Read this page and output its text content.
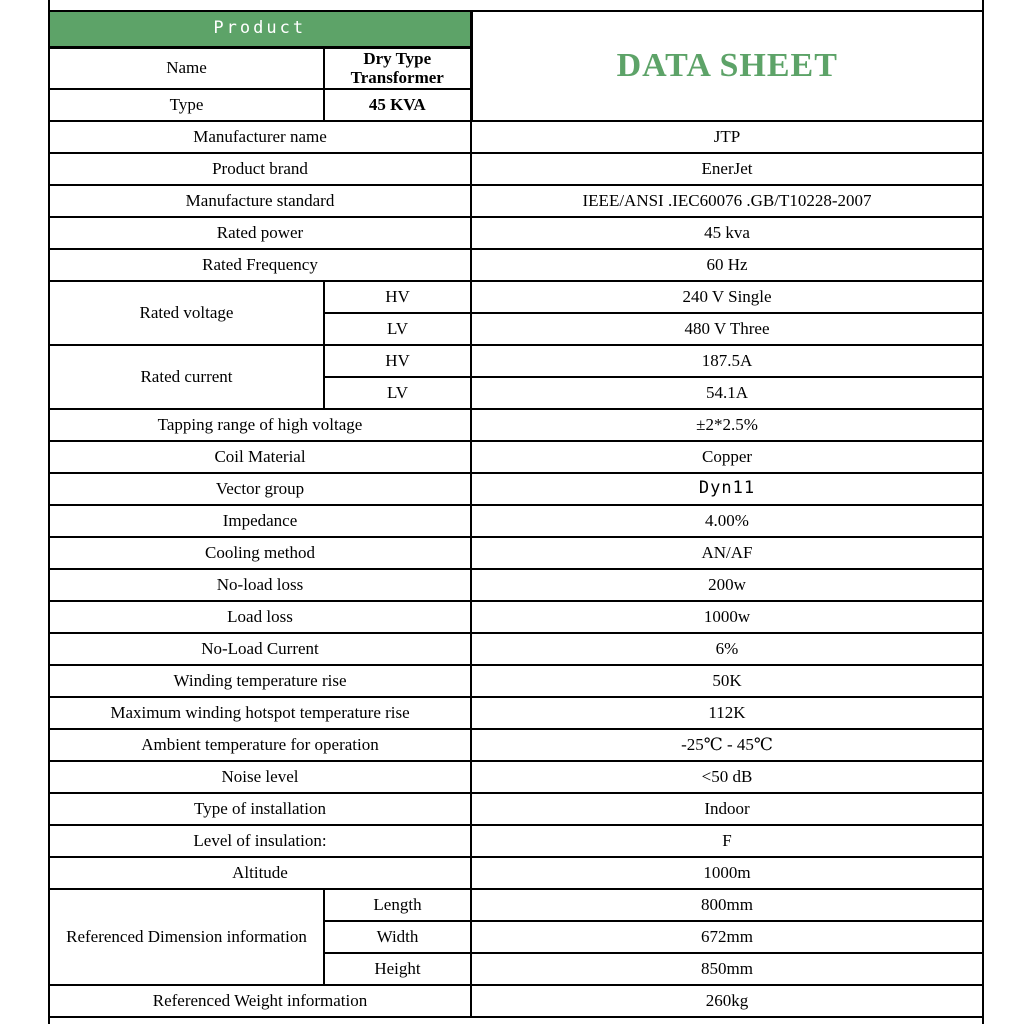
Product		DATA SHEET

Name	Dry Type Transformer	
Type	45 KVA	
Manufacturer name		JTP
Product brand		EnerJet
Manufacture standard		IEEE/ANSI .IEC60076 .GB/T10228-2007
Rated power		45 kva
Rated Frequency		60 Hz
Rated voltage	HV	240 V Single
	LV	480 V Three
Rated current	HV	187.5A
	LV	54.1A
Tapping range of high voltage		±2*2.5%
Coil Material		Copper
Vector group		Dyn11
Impedance		4.00%
Cooling method		AN/AF
No-load loss		200w
Load loss		1000w
No-Load Current		6%
Winding temperature rise		50K
Maximum winding hotspot temperature rise		112K
Ambient temperature for operation		-25℃ - 45℃
Noise level		<50 dB
Type of installation		Indoor
Level of insulation:		F
Altitude		1000m
Referenced Dimension information	Length	800mm
	Width	672mm
	Height	850mm
Referenced Weight information		260kg
